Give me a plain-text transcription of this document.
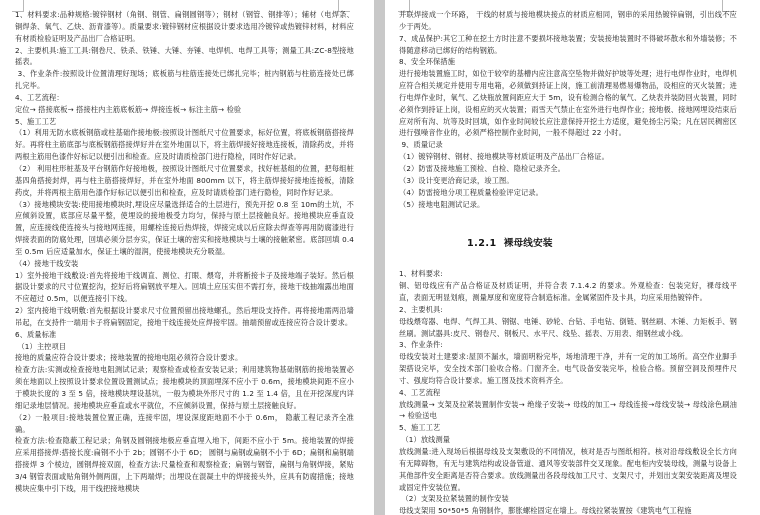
1、材料要求:品种规格:镀锌钢材（角钢、钢管、扁钢圆钢等）；钢材（钢管、钢排等）；辅材（电焊条、铜焊条、氧气、乙炔、沥青漆等）。质量要求:镀锌钢材应根据设计要求选用冷镀锌或热镀锌材料，材料应有材质检验证明及产品出厂合格证明。

2、主要机具:施工工具:钢卷尺、铁杀、铁锤、大锤、夯锤、电焊机、电焊工具等；测量工具:ZC-8型接地摇表。

3、作业条件:按照设计位置清理好现场；底板筋与柱筋连接处已绑扎完毕；桩内钢筋与柱筋连接处已绑扎完毕。

4、工艺流程：

定位→ 搭接底板→ 搭接柱内主筋底板筋→ 焊接连板→ 标注主筋→ 检验

5、施工工艺

（1）利用无防水底板钢筋或柱基础作接地极:按照设计图纸尺寸位置要求，标好位置，将底板钢筋搭接焊好。再将柱主筋底部与底板钢筋搭接焊好并在室外地面以下，将主筋焊接好接地连接板，清除药皮，并将两根主筋用色漆作好标记以便引出和检查。应及时请质检部门进行隐检，同时作好记录。

（2） 利用柱形桩基及平台钢筋作好接地极，按照设计图纸尺寸位置要求，找好桩基组的位置，把每组桩基四角搭接封焊，再与柱主筋搭接焊好，并在室外地面 800mm 以下，将主筋焊接好接地连接板，清除药皮，并将两根主筋用色漆作好标记以便引出和检查，应及时请质检部门进行隐检，同时作好记录。

（3）接地模块安装:使用接地模块时,埋设应尽量选择适合的土层进行，预先开挖 0.8 至 10m的土坑，不应倾斜设置，底部应尽量平整，使埋设的接地极受力均匀，保持与原土层接触良好。接地模块应垂直设置，应连接线使连接头与接地网连接，用螺栓连接后热焊接，焊接完成以后应除去焊查等再用防腐漆进行焊接表面的防腐处理，回填必须分层夯实，保证土壤的密实和接地模块与土壤的接触紧密。底部回填 0.4 至 0.5m 后应适量加水，保证土壤的湿润，使接地模块充分吸湿。

（4）接地干线安装

1）室外接地干线敷设:首先将接地干线调直、测位、打眼、煨弯，并将断接卡子及接地端子装好。然后根据设计要求的尺寸位置挖沟，挖好后将扁钢放平埋入。回填土应压实但不需打夯，接地干线抽端露出地面不应超过 0.5m，以便连接引下线。

2）室内接地干线明敷:首先根据设计要求尺寸位置预留出接地螺孔，然后埋设支持件。再将接地需两沿墙吊起，在支持件一端用卡子将扁钢固定，接地干线连接处应焊接牢固。抽端预留或连接应符合设计要求。

6、质量标准

（1）主控项目

接地的质量应符合设计要求；接地装置的接地电阻必须符合设计要求。

检查方法:实测或检查接地电阻测试记录；观察检查或检查安装记录；利用建筑物基础钢筋的接地装置必须在地面以上按照设计要求位置设置测试点；接地模块的顶面埋深不应小于 0.6m，接地模块间距不应小于模块长度的 3 至 5 倍，接地模块埋设基坑，一般为模块外形尺寸的 1.2 至 1.4 倍，且在开挖深度内详细记录地层情况。接地模块应垂直或水平就位，不应倾斜设置，保持与原土层接触良好。

（2）一般项目:接地装置位置正确，连接牢固，埋设深度距地面不小于 0.6m， 隐蔽工程记录齐全准确。

检查方法:检查隐蔽工程记录；角钢及圆钢接地极应垂直埋入地下，间距不应小于 5m。接地装置的焊接应采用搭接焊:搭接长度:扁钢不小于 2b；圆钢不小于 6D； 圆钢与扁钢或扁钢不小于 6D；扁钢和扁钢端搭接焊 3 个棱边，圆钢焊接双面，检查方法:尺量检查和观察检查；扁钢与钢管，扁钢与角钢焊接，紧贴 3/4 钢管表面或贴角钢外侧两面，上下两端焊；出埋设在混凝土中的焊接接头外，应具有防腐措施；接地模块应集中引下线，用干线把接地模块

并联焊接成一个环路， 干线的材质与接地模块接点的材质应相同，钢串的采用热镀锌扁钢，引出线不应少于两处。

7、成品保护:其它工种在挖土方时注意不要损坏接地装置；安装接地装置时不得破坏散水和外墙装修；不得随意移动已绑好的结构钢筋。

8、安全环保措施

进行接地装置施工时，如位于较窄的基槽内应注意高空坠物并做好护坡等处理；进行电焊作业时，电焊机应符合相关规定并使用专用电箱，必须做到持证上岗，施工前清理易燃易爆物品，设相应的灭火装置；进行电焊作业时，氧气、乙炔瓶放置间距应大于 5m，设有检测合格的氧气、乙炔表并装防回火装置，同时必须作到持证上岗，设相应的灭火装置；雨雪天气禁止在室外进行电焊作业；接地极、接地网埋设结束后应对所有沟、坑等及时回填，如作业时间较长应注意保持开挖土方适度，避免扬尘污染；凡在居民稠密区进行强噪音作业的，必须严格控制作业时间，一般不得超过 22 小时。

9、质量记录

（1）镀锌钢材、钢材、接地模块等材质证明及产品出厂合格证。

（2）防雷及接地施工预检、自检、隐检记录齐全。

（3）设计变更洽商记录，竣工图。

（4）防雷接地分项工程质量检验评定记录。

（5）接地电阻测试记录。

1.2.1 裸母线安装

1、材料要求:

铜、铝母线应有产品合格证及材质证明，并符合表 7.1.4.2 的要求。外观检查：包装完好，裸母线平直，表面无明显划痕，测量厚度和宽度符合制造标准。金属紧固件及卡具，均应采用热镀锌件。

2、主要机具:

母线煨弯器、电焊、气焊工具、钢锯、电锤、砂轮、台钻、手电钻、倒链、钢丝刷、木锤、力矩板手、钢丝刷。测试器具:皮尺、钢卷尺、钢板尺、水平尺、线坠、摇表、万用表、细钢丝或小线。

3、作业条件:

母线安装对土建要求:屋顶不漏水，墙面明粉完毕，场地清理干净，并有一定的加工场所。高空作业脚手架搭设完毕，安全技术部门验收合格。门窗齐全。电气设备安装完毕，检验合格。预留空洞及预埋件尺寸、强度均符合设计要求。施工图及技术资料齐全。

4、工艺流程

放线测量→ 支架及拉紧装置制作安装→ 绝缘子安装→ 母线的加工→ 母线连接→母线安装→ 母线涂色刷油→ 检验送电

5、施工工艺

（1）放线测量

放线测量:进入现场后根据母线及支架敷设的不同情况，核对是否与图纸相符。核对沿母线敷设全长方向有无障碍物，有无与建筑结构或设备管道、通风等安装部件交叉现象。配电柜内安装母线，测量与设备上其他部件安全距离是否符合要求。放线测量出各段母线加工尺寸、支架尺寸，并划出支架安装距离及埋设或固定件安装位置。

（2）支架及拉紧装置的制作安装

母线支架用 50*50*5 角钢制作，膨胀螺栓固定在墙上。母线拉紧装置按《建筑电气工程施
